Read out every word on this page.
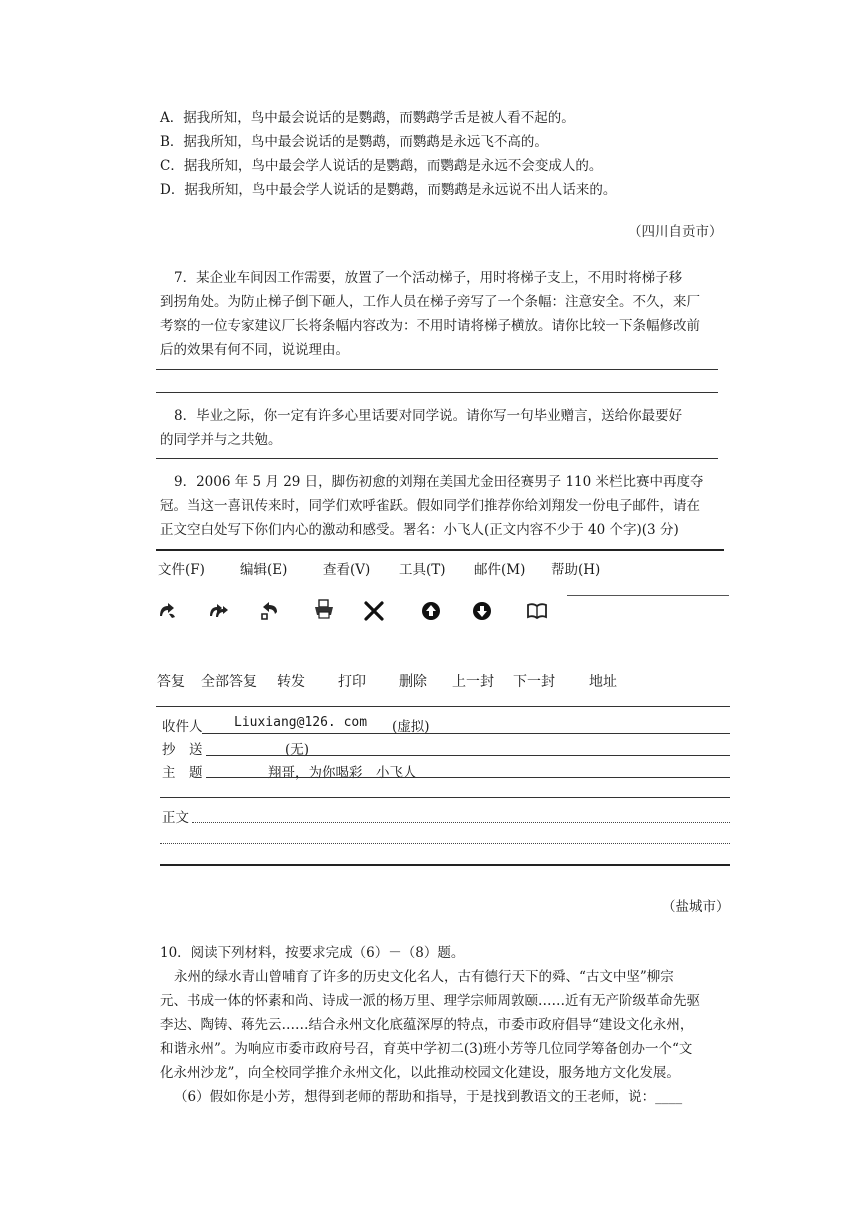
A．据我所知，鸟中最会说话的是鹦鹉，而鹦鹉学舌是被人看不起的。
B．据我所知，鸟中最会说话的是鹦鹉，而鹦鹉是永远飞不高的。
C．据我所知，鸟中最会学人说话的是鹦鹉，而鹦鹉是永远不会变成人的。
D．据我所知，鸟中最会学人说话的是鹦鹉，而鹦鹉是永远说不出人话来的。
（四川自贡市）
7．某企业车间因工作需要，放置了一个活动梯子，用时将梯子支上，不用时将梯子移
到拐角处。为防止梯子倒下砸人，工作人员在梯子旁写了一个条幅：注意安全。不久，来厂
考察的一位专家建议厂长将条幅内容改为：不用时请将梯子横放。请你比较一下条幅修改前
后的效果有何不同，说说理由。
8．毕业之际，你一定有许多心里话要对同学说。请你写一句毕业赠言，送给你最要好
的同学并与之共勉。
9．2006 年 5 月 29 日，脚伤初愈的刘翔在美国尤金田径赛男子 110 米栏比赛中再度夺
冠。当这一喜讯传来时，同学们欢呼雀跃。假如同学们推荐你给刘翔发一份电子邮件，请在
正文空白处写下你们内心的激动和感受。署名：小飞人(正文内容不少于 40 个字)(3 分)
文件(F)	编辑(E)	查看(V) 工具(T) 邮件(M) 帮助(H)
答复 全部答复 转发 打印 删除 上一封 下一封 地址
收件人 Liuxiang@126. com (虚拟)
抄　送	(无)
主　题	翔哥，为你喝彩　小飞人
正文
（盐城市）
10．阅读下列材料，按要求完成（6）－（8）题。
永州的绿水青山曾哺育了许多的历史文化名人，古有德行天下的舜、“古文中坚”柳宗
元、书成一体的怀素和尚、诗成一派的杨万里、理学宗师周敦颐……近有无产阶级革命先驱
李达、陶铸、蒋先云……结合永州文化底蕴深厚的特点，市委市政府倡导“建设文化永州，
和谐永州”。为响应市委市政府号召，育英中学初二(3)班小芳等几位同学筹备创办一个“文
化永州沙龙”，向全校同学推介永州文化，以此推动校园文化建设，服务地方文化发展。
（6）假如你是小芳，想得到老师的帮助和指导，于是找到教语文的王老师，说：____
